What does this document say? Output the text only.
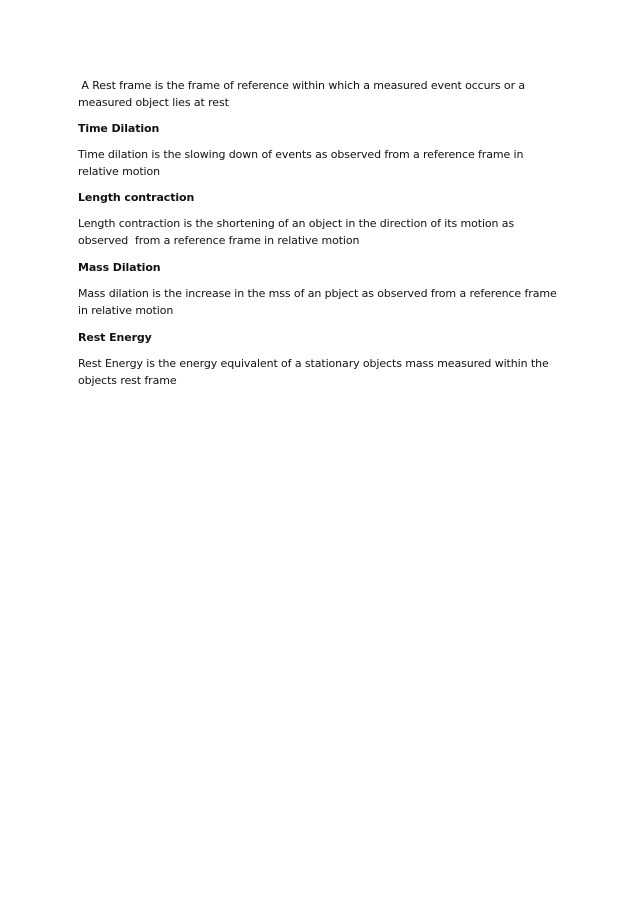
A Rest frame is the frame of reference within which a measured event occurs or a measured object lies at rest

Time Dilation

Time dilation is the slowing down of events as observed from a reference frame in relative motion

Length contraction

Length contraction is the shortening of an object in the direction of its motion as observed  from a reference frame in relative motion

Mass Dilation

Mass dilation is the increase in the mss of an pbject as observed from a reference frame in relative motion

Rest Energy

Rest Energy is the energy equivalent of a stationary objects mass measured within the objects rest frame
